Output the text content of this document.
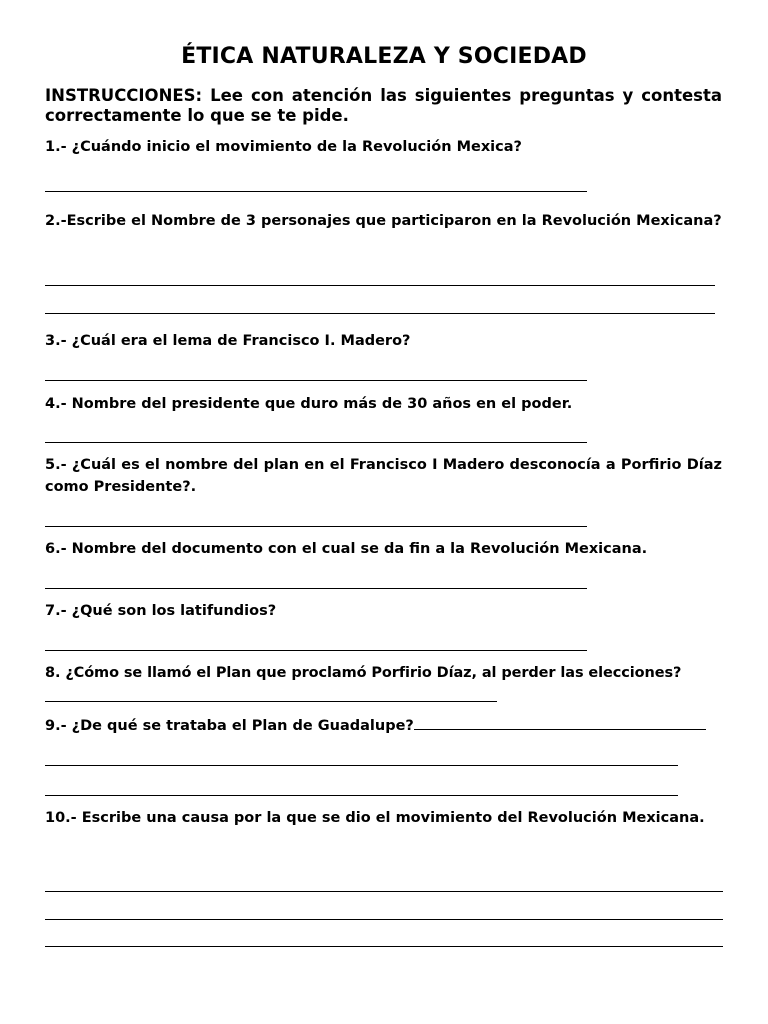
ÉTICA NATURALEZA Y SOCIEDAD
INSTRUCCIONES: Lee con atención las siguientes preguntas y contesta correctamente lo que se te pide.
1.- ¿Cuándo inicio el movimiento de la Revolución Mexica?
2.-Escribe el Nombre de 3 personajes que participaron en la Revolución Mexicana?
3.- ¿Cuál era el lema de Francisco I. Madero?
4.- Nombre del presidente que duro más de 30 años en el poder.
5.- ¿Cuál es el nombre del plan en el Francisco I Madero desconocía a Porfirio Díaz como Presidente?.
6.- Nombre del documento con el cual se da fin a la Revolución Mexicana.
7.- ¿Qué son los latifundios?
8. ¿Cómo se llamó el Plan que proclamó Porfirio Díaz, al perder las elecciones?
9.- ¿De qué se trataba el Plan de Guadalupe?
10.- Escribe una causa por la que se dio el movimiento del Revolución Mexicana.
